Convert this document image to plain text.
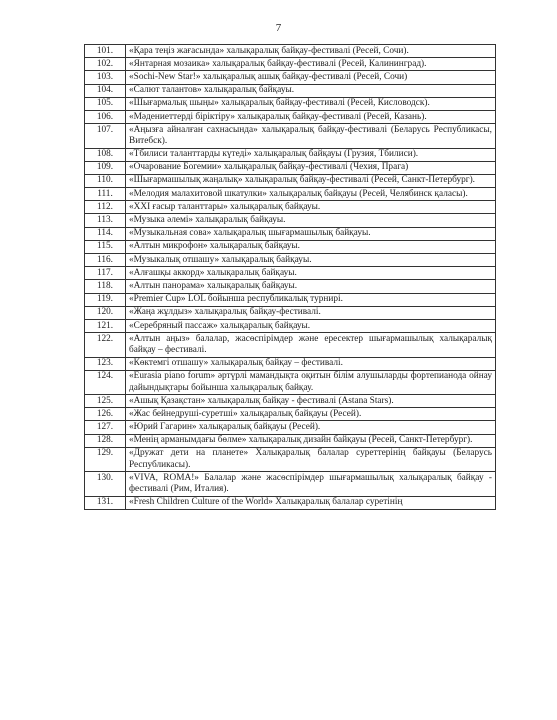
7
101.	«Қара теңіз жағасында» халықаралық байқау-фестивалі (Ресей, Сочи).
102.	«Янтарная мозаика» халықаралық байқау-фестивалі (Ресей, Калининград).
103.	«Sochi-New Star!» халықаралық ашық байқау-фестивалі (Ресей, Сочи)
104.	«Салют талантов» халықаралық байқауы.
105.	«Шығармалық шыңы» халықаралық байқау-фестивалі (Ресей, Кисловодск).
106.	«Мәдениеттерді біріктіру» халықаралық байқау-фестивалі (Ресей, Казань).
107.	«Аңызға айналған сахнасында» халықаралық байқау-фестивалі (Беларусь Республикасы, Витебск).
108.	«Тбилиси таланттарды күтеді» халықаралық байқауы (Грузия, Тбилиси).
109.	«Очарование Богемии» халықаралық байқау-фестивалі (Чехия, Прага)
110.	«Шығармашылық жаңалық» халықаралық байқау-фестивалі (Ресей, Санкт-Петербург).
111.	«Мелодия малахитовой шкатулки» халықаралық байқауы (Ресей, Челябинск қаласы).
112.	«XXI ғасыр таланттары» халықаралық байқауы.
113.	«Музыка әлемі» халықаралық байқауы.
114.	«Музыкальная сова» халықаралық шығармашылық байқауы.
115.	«Алтын микрофон» халықаралық байқауы.
116.	«Музыкалық отшашу» халықаралық байқауы.
117.	«Алғашқы аккорд» халықаралық байқауы.
118.	«Алтын панорама» халықаралық байқауы.
119.	«Premier Cup» LOL бойынша республикалық турнирі.
120.	«Жаңа жұлдыз» халықаралық байқау-фестивалі.
121.	«Серебряный пассаж» халықаралық байқауы.
122.	«Алтын аңыз» балалар, жасөспірімдер және ересектер шығармашылық халықаралық байқау – фестивалі.
123.	«Көктемгі отшашу» халықаралық байқау – фестивалі.
124.	«Eurasia piano forum» әртүрлі мамандықта оқитын білім алушыларды фортепианода ойнау дайындықтары бойынша халықаралық байқау.
125.	«Ашық Қазақстан» халықаралық байқау - фестивалі (Astana Stars).
126.	«Жас бейнедруші-суретші» халықаралық байқауы (Ресей).
127.	«Юрий Гагарин» халықаралық байқауы (Ресей).
128.	«Менің арманымдағы бөлме» халықаралық дизайн байқауы (Ресей, Санкт-Петербург).
129.	«Дружат дети на планете» Халықаралық балалар суреттерінің байқауы (Беларусь Республикасы).
130.	«VIVA, ROMA!» Балалар және жасөспірімдер шығармашылық халықаралық байқау - фестивалі (Рим, Италия).
131.	«Fresh Children Culture of the World» Халықаралық балалар суретінің
